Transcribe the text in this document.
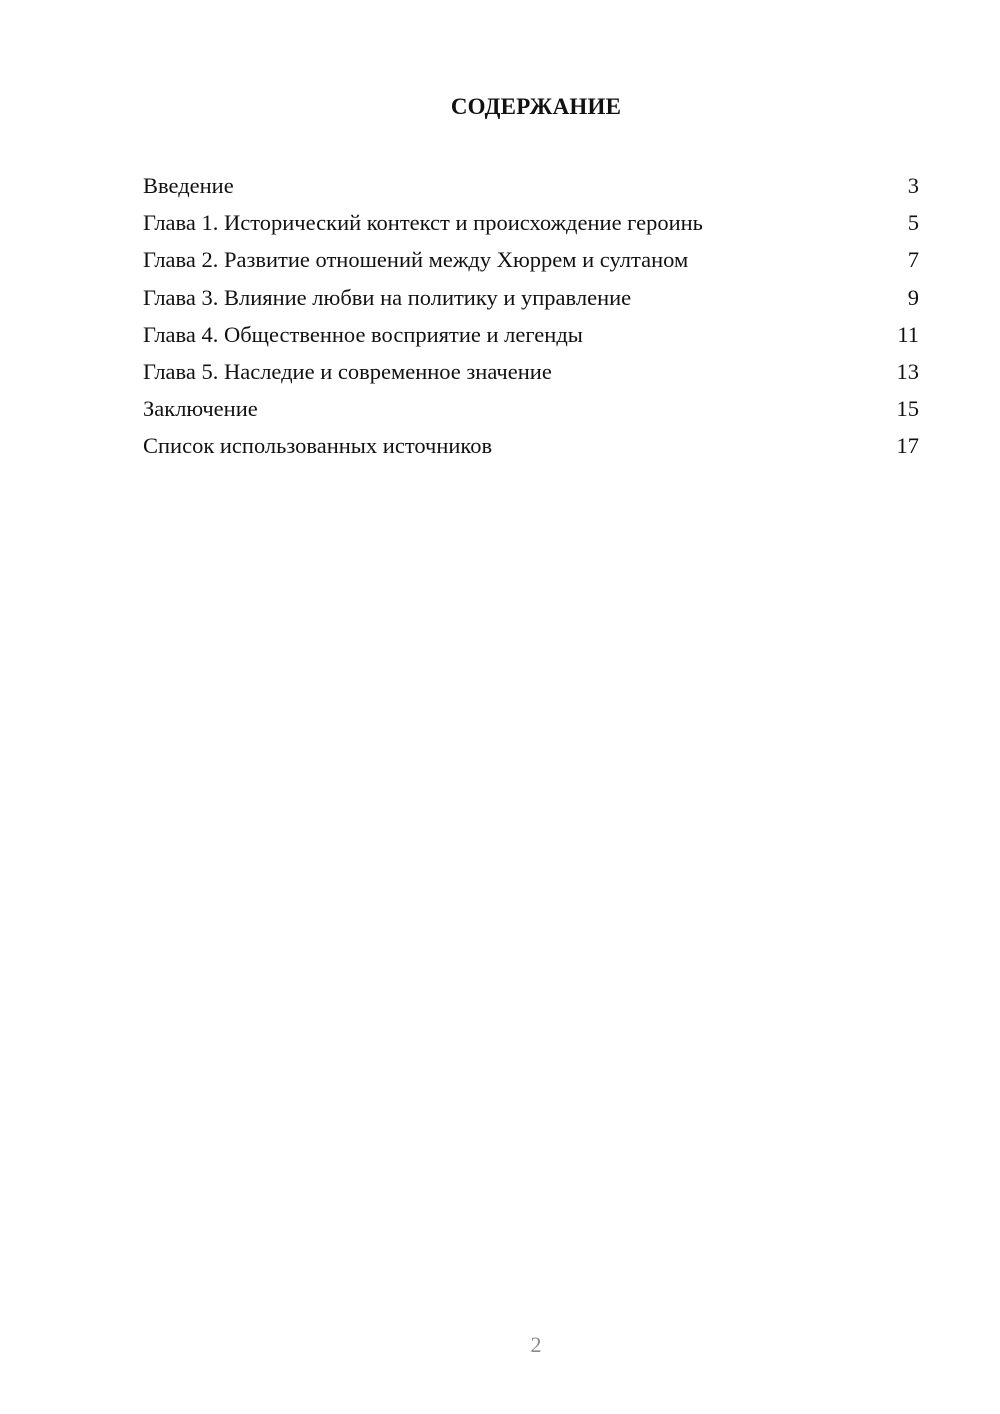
СОДЕРЖАНИЕ
Введение	3
Глава 1. Исторический контекст и происхождение героинь	5
Глава 2. Развитие отношений между Хюррем и султаном	7
Глава 3. Влияние любви на политику и управление	9
Глава 4. Общественное восприятие и легенды	11
Глава 5. Наследие и современное значение	13
Заключение	15
Список использованных источников	17
2
